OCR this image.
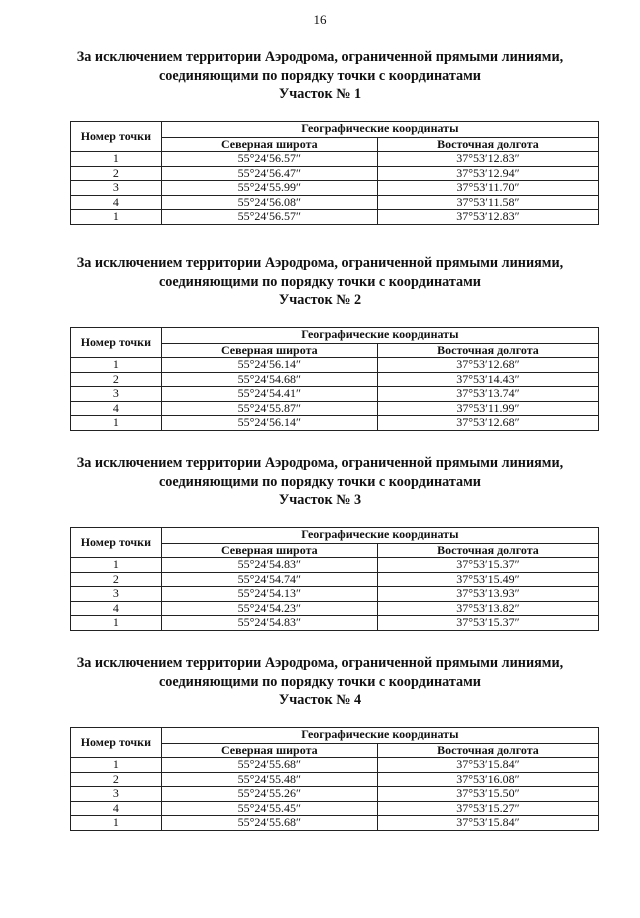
16
За исключением территории Аэродрома, ограниченной прямыми линиями,
соединяющими по порядку точки с координатами
Участок № 1
Номер точки	Географические координаты	
	Северная широта	Восточная долгота
1	55°24′56.57″	37°53′12.83″
2	55°24′56.47″	37°53′12.94″
3	55°24′55.99″	37°53′11.70″
4	55°24′56.08″	37°53′11.58″
1	55°24′56.57″	37°53′12.83″
За исключением территории Аэродрома, ограниченной прямыми линиями,
соединяющими по порядку точки с координатами
Участок № 2
Номер точки	Географические координаты	
	Северная широта	Восточная долгота
1	55°24′56.14″	37°53′12.68″
2	55°24′54.68″	37°53′14.43″
3	55°24′54.41″	37°53′13.74″
4	55°24′55.87″	37°53′11.99″
1	55°24′56.14″	37°53′12.68″
За исключением территории Аэродрома, ограниченной прямыми линиями,
соединяющими по порядку точки с координатами
Участок № 3
Номер точки	Географические координаты	
	Северная широта	Восточная долгота
1	55°24′54.83″	37°53′15.37″
2	55°24′54.74″	37°53′15.49″
3	55°24′54.13″	37°53′13.93″
4	55°24′54.23″	37°53′13.82″
1	55°24′54.83″	37°53′15.37″
За исключением территории Аэродрома, ограниченной прямыми линиями,
соединяющими по порядку точки с координатами
Участок № 4
Номер точки	Географические координаты	
	Северная широта	Восточная долгота
1	55°24′55.68″	37°53′15.84″
2	55°24′55.48″	37°53′16.08″
3	55°24′55.26″	37°53′15.50″
4	55°24′55.45″	37°53′15.27″
1	55°24′55.68″	37°53′15.84″
